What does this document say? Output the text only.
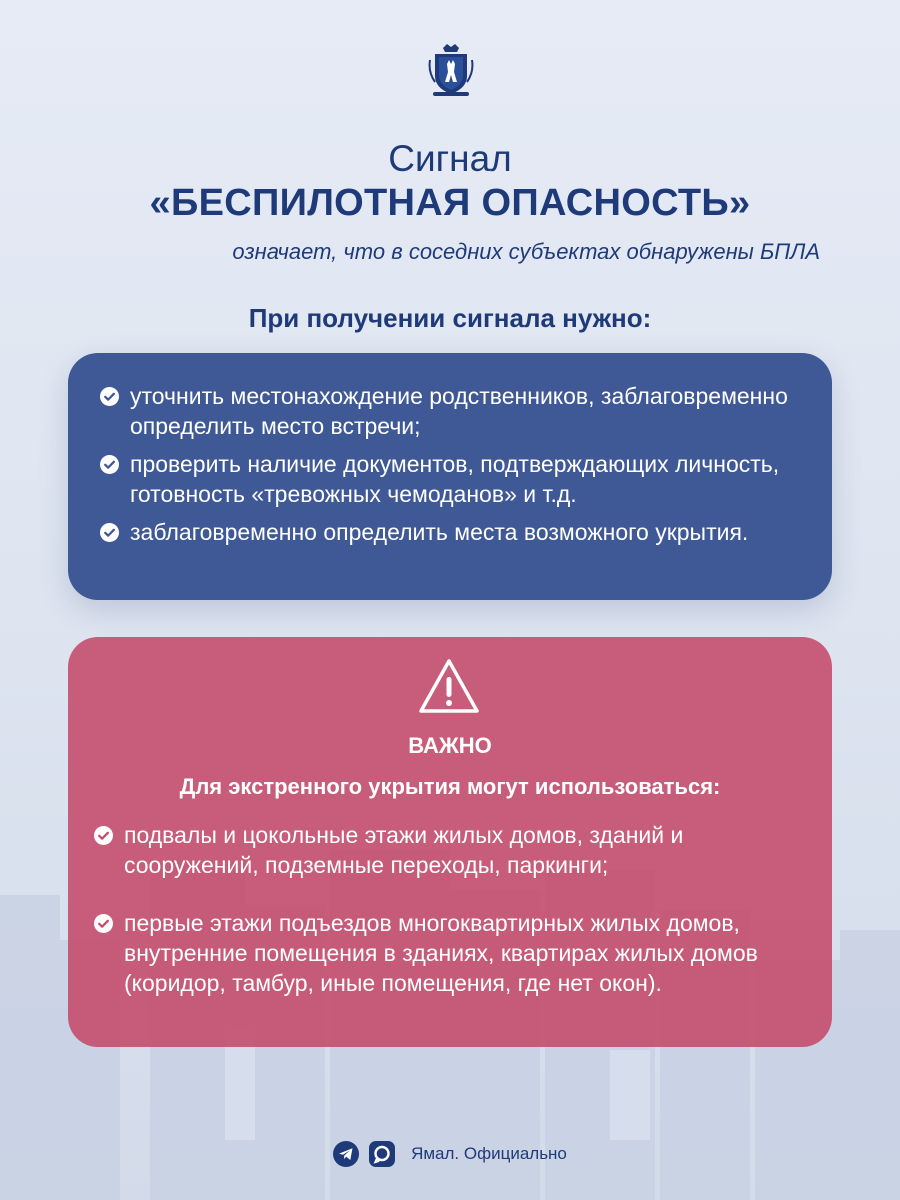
Сигнал
«БЕСПИЛОТНАЯ ОПАСНОСТЬ»
означает, что в соседних субъектах обнаружены БПЛА
При получении сигнала нужно:
уточнить местонахождение родственников, заблаговременно определить место встречи;
проверить наличие документов, подтверждающих личность, готовность «тревожных чемоданов» и т.д.
заблаговременно определить места возможного укрытия.
ВАЖНО
Для экстренного укрытия могут использоваться:
подвалы и цокольные этажи жилых домов, зданий и сооружений, подземные переходы, паркинги;
первые этажи подъездов многоквартирных жилых домов, внутренние помещения в зданиях, квартирах жилых домов (коридор, тамбур, иные помещения, где нет окон).
Ямал. Официально
